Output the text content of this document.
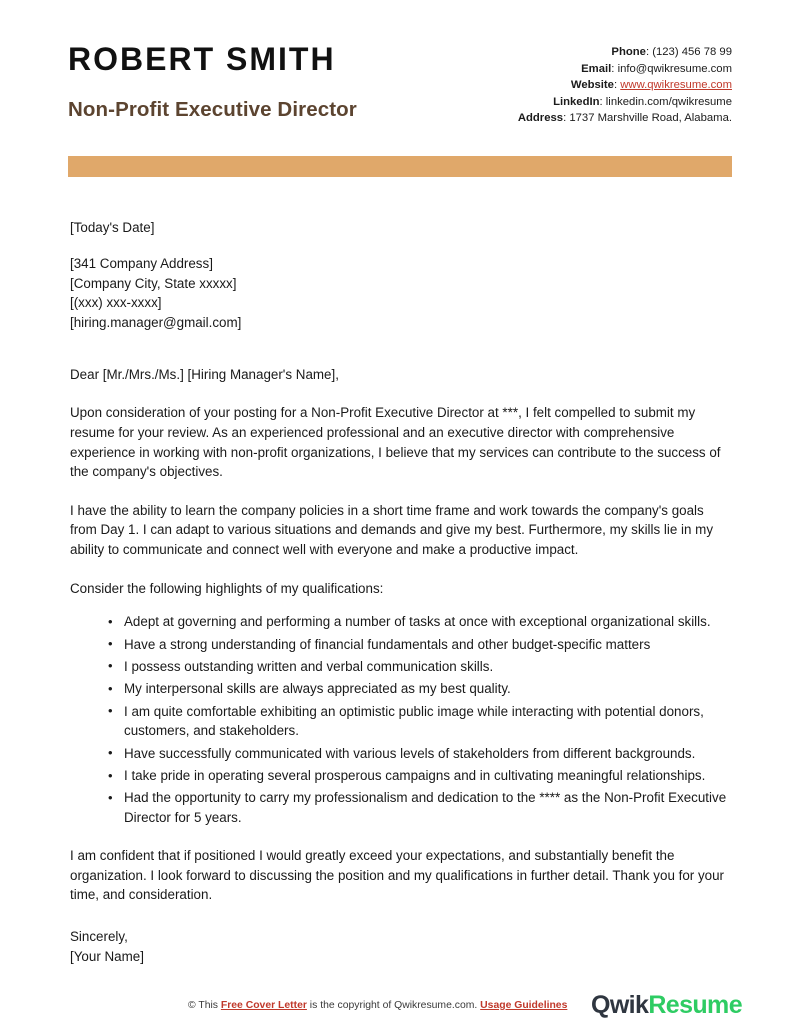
ROBERT SMITH
Non-Profit Executive Director
Phone: (123) 456 78 99
Email: info@qwikresume.com
Website: www.qwikresume.com
LinkedIn: linkedin.com/qwikresume
Address: 1737 Marshville Road, Alabama.
[Today's Date]
[341 Company Address]
[Company City, State xxxxx]
[(xxx) xxx-xxxx]
[hiring.manager@gmail.com]
Dear [Mr./Mrs./Ms.] [Hiring Manager's Name],

Upon consideration of your posting for a Non-Profit Executive Director at ***, I felt compelled to submit my resume for your review. As an experienced professional and an executive director with comprehensive experience in working with non-profit organizations, I believe that my services can contribute to the success of the company's objectives.

I have the ability to learn the company policies in a short time frame and work towards the company's goals from Day 1. I can adapt to various situations and demands and give my best. Furthermore, my skills lie in my ability to communicate and connect well with everyone and make a productive impact.

Consider the following highlights of my qualifications:

• Adept at governing and performing a number of tasks at once with exceptional organizational skills.
• Have a strong understanding of financial fundamentals and other budget-specific matters
• I possess outstanding written and verbal communication skills.
• My interpersonal skills are always appreciated as my best quality.
• I am quite comfortable exhibiting an optimistic public image while interacting with potential donors, customers, and stakeholders.
• Have successfully communicated with various levels of stakeholders from different backgrounds.
• I take pride in operating several prosperous campaigns and in cultivating meaningful relationships.
• Had the opportunity to carry my professionalism and dedication to the **** as the Non-Profit Executive Director for 5 years.

I am confident that if positioned I would greatly exceed your expectations, and substantially benefit the organization. I look forward to discussing the position and my qualifications in further detail. Thank you for your time, and consideration.

Sincerely,
[Your Name]
© This Free Cover Letter is the copyright of Qwikresume.com. Usage Guidelines QwikResume
